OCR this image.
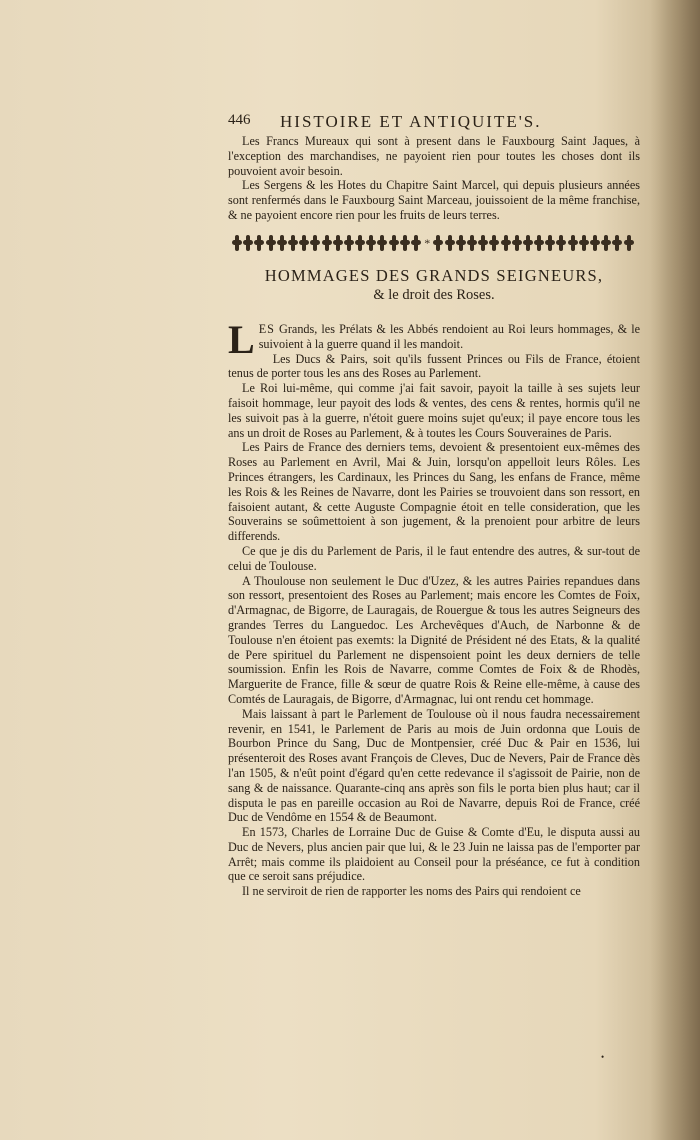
446 HISTOIRE ET ANTIQUITE'S.

Les Francs Mureaux qui sont à present dans le Fauxbourg Saint Jaques, à l'exception des marchandises, ne payoient rien pour toutes les choses dont ils pouvoient avoir besoin.

Les Sergens & les Hotes du Chapitre Saint Marcel, qui depuis plusieurs années sont renfermés dans le Fauxbourg Saint Marceau, jouissoient de la même franchise, & ne payoient encore rien pour les fruits de leurs terres.

*
HOMMAGES DES GRANDS SEIGNEURS,
& le droit des Roses.

LES Grands, les Prélats & les Abbés rendoient au Roi leurs hommages, & le suivoient à la guerre quand il les mandoit.

Les Ducs & Pairs, soit qu'ils fussent Princes ou Fils de France, étoient tenus de porter tous les ans des Roses au Parlement.

Le Roi lui-même, qui comme j'ai fait savoir, payoit la taille à ses sujets leur faisoit hommage, leur payoit des lods & ventes, des cens & rentes, hormis qu'il ne les suivoit pas à la guerre, n'étoit guere moins sujet qu'eux; il paye encore tous les ans un droit de Roses au Parlement, & à toutes les Cours Souveraines de Paris.

Les Pairs de France des derniers tems, devoient & presentoient eux-mêmes des Roses au Parlement en Avril, Mai & Juin, lorsqu'on appelloit leurs Rôles. Les Princes étrangers, les Cardinaux, les Princes du Sang, les enfans de France, même les Rois & les Reines de Navarre, dont les Pairies se trouvoient dans son ressort, en faisoient autant, & cette Auguste Compagnie étoit en telle consideration, que les Souverains se soûmettoient à son jugement, & la prenoient pour arbitre de leurs differends.

Ce que je dis du Parlement de Paris, il le faut entendre des autres, & sur-tout de celui de Toulouse.

A Thoulouse non seulement le Duc d'Uzez, & les autres Pairies repandues dans son ressort, presentoient des Roses au Parlement; mais encore les Comtes de Foix, d'Armagnac, de Bigorre, de Lauragais, de Rouergue & tous les autres Seigneurs des grandes Terres du Languedoc. Les Archevêques d'Auch, de Narbonne & de Toulouse n'en étoient pas exemts: la Dignité de Président né des Etats, & la qualité de Pere spirituel du Parlement ne dispensoient point les deux derniers de telle soumission. Enfin les Rois de Navarre, comme Comtes de Foix & de Rhodès, Marguerite de France, fille & sœur de quatre Rois & Reine elle-même, à cause des Comtés de Lauragais, de Bigorre, d'Armagnac, lui ont rendu cet hommage.

Mais laissant à part le Parlement de Toulouse où il nous faudra necessairement revenir, en 1541, le Parlement de Paris au mois de Juin ordonna que Louis de Bourbon Prince du Sang, Duc de Montpensier, créé Duc & Pair en 1536, lui présenteroit des Roses avant François de Cleves, Duc de Nevers, Pair de France dès l'an 1505, & n'eût point d'égard qu'en cette redevance il s'agissoit de Pairie, non de sang & de naissance. Quarante-cinq ans après son fils le porta bien plus haut; car il disputa le pas en pareille occasion au Roi de Navarre, depuis Roi de France, créé Duc de Vendôme en 1554 & de Beaumont.

En 1573, Charles de Lorraine Duc de Guise & Comte d'Eu, le disputa aussi au Duc de Nevers, plus ancien pair que lui, & le 23 Juin ne laissa pas de l'emporter par Arrêt; mais comme ils plaidoient au Conseil pour la préséance, ce fut à condition que ce seroit sans préjudice.

Il ne serviroit de rien de rapporter les noms des Pairs qui rendoient ce

•
